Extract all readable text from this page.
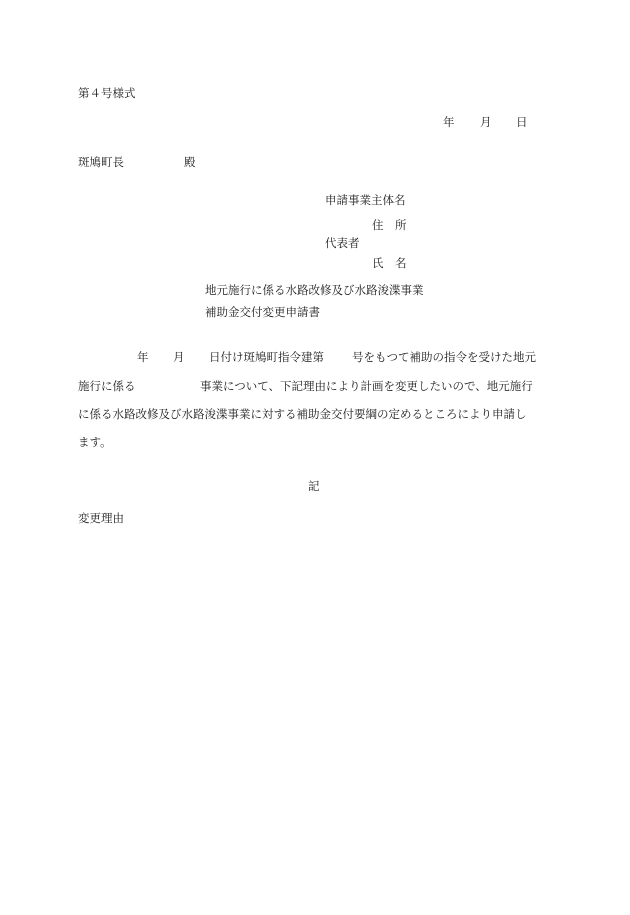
第４号様式
年 月 日
斑鳩町長	殿
申請事業主体名
住　所
代表者
氏　名
地元施行に係る水路改修及び水路浚渫事業
補助金交付変更申請書
年 月 日付け斑鳩町指令建第 号をもつて補助の指令を受けた地元
施行に係る	事業について、下記理由により計画を変更したいので、地元施行
に係る水路改修及び水路浚渫事業に対する補助金交付要綱の定めるところにより申請し
ます。
記
変更理由
